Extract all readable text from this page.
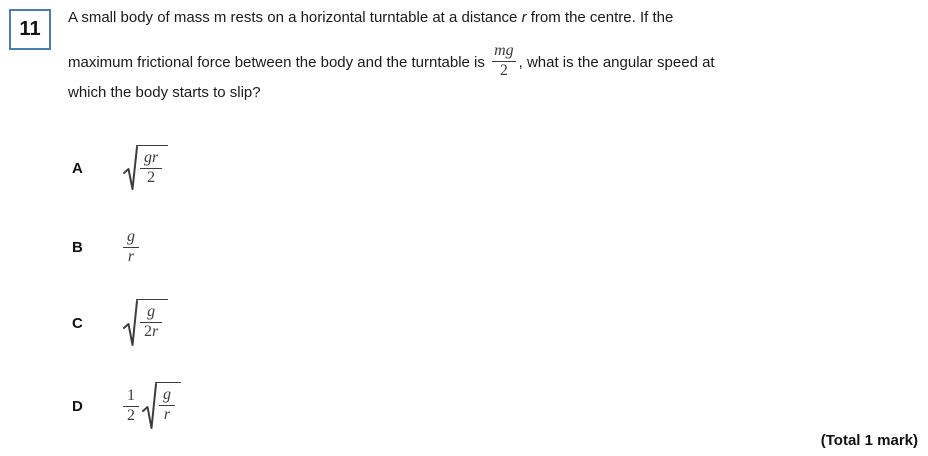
11
A small body of mass m rests on a horizontal turntable at a distance r from the centre. If the
maximum frictional force between the body and the turntable is $\frac{mg}{2}$ , what is the angular speed at
which the body starts to slip?
A	$\frac{gr}{2}$
B	$\frac{g}{r}$
C	$\frac{g}{2r}$
D	$\frac{1}{2} \frac{g}{r}$
(Total 1 mark)
